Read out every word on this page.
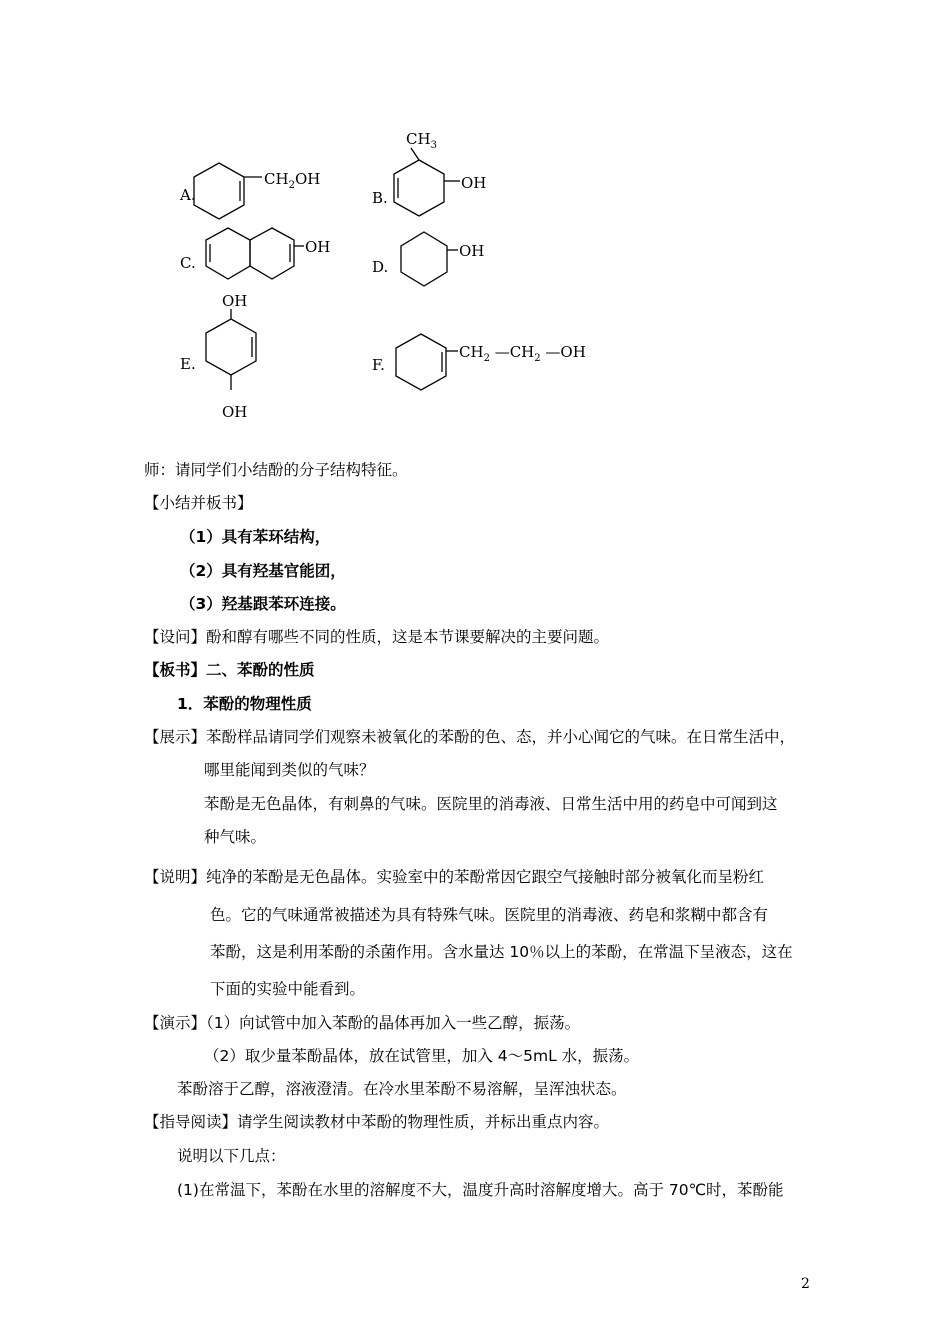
A.
$CH_2OH$
B.
$CH_3$
OH
C.
OH
D.
OH
OH
E.
OH
F.
$CH_2$ $—CH_2$ —OH
师：请同学们小结酚的分子结构特征。
【小结并板书】
（1）具有苯环结构，
（2）具有羟基官能团，
（3）羟基跟苯环连接。
【设问】酚和醇有哪些不同的性质，这是本节课要解决的主要问题。
【板书】二、苯酚的性质
1．苯酚的物理性质
【展示】苯酚样品请同学们观察未被氧化的苯酚的色、态，并小心闻它的气味。在日常生活中，
哪里能闻到类似的气味？
苯酚是无色晶体，有刺鼻的气味。医院里的消毒液、日常生活中用的药皂中可闻到这
种气味。
【说明】纯净的苯酚是无色晶体。实验室中的苯酚常因它跟空气接触时部分被氧化而呈粉红
色。它的气味通常被描述为具有特殊气味。医院里的消毒液、药皂和浆糊中都含有
苯酚，这是利用苯酚的杀菌作用。含水量达 10％以上的苯酚，在常温下呈液态，这在
下面的实验中能看到。
【演示】（1）向试管中加入苯酚的晶体再加入一些乙醇，振荡。
（2）取少量苯酚晶体，放在试管里，加入 4～5mL 水，振荡。
苯酚溶于乙醇，溶液澄清。在冷水里苯酚不易溶解，呈浑浊状态。
【指导阅读】请学生阅读教材中苯酚的物理性质，并标出重点内容。
说明以下几点：
(1)在常温下，苯酚在水里的溶解度不大，温度升高时溶解度增大。高于 70℃时，苯酚能
2
